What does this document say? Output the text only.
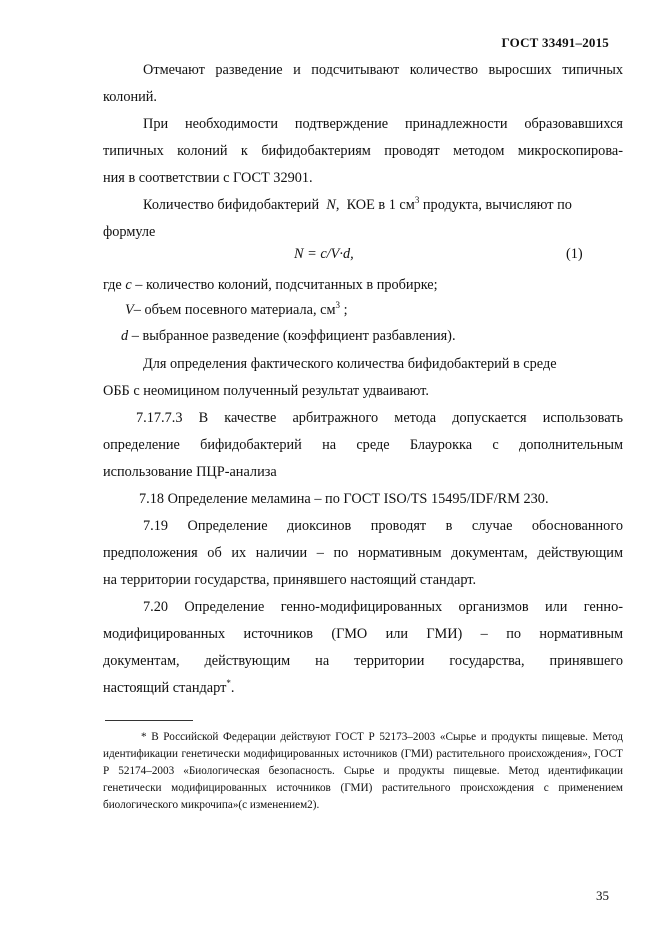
ГОСТ 33491–2015
Отмечают разведение и подсчитывают количество выросших типичных
колоний.
При необходимости подтверждение принадлежности образовавшихся
типичных колоний к бифидобактериям проводят методом микроскопирова-
ния в соответствии с ГОСТ 32901.
Количество бифидобактерий N, КОЕ в 1 $см^3$ продукта, вычисляют по
формуле
N = c/V·d,	(1)
где c – количество колоний, подсчитанных в пробирке;
V– объем посевного материала, $см^3$ ;
d – выбранное разведение (коэффициент разбавления).
Для определения фактического количества бифидобактерий в среде
ОББ с неомицином полученный результат удваивают.
7.17.7.3 В качестве арбитражного метода допускается использовать
определение бифидобактерий на среде Блаурокка с дополнительным
использование ПЦР-анализа
7.18 Определение меламина – по ГОСТ ISO/TS 15495/IDF/RM 230.
7.19 Определение диоксинов проводят в случае обоснованного
предположения об их наличии – по нормативным документам, действующим
на территории государства, принявшего настоящий стандарт.
7.20 Определение генно-модифицированных организмов или генно-
модифицированных источников (ГМО или ГМИ) – по нормативным
документам, действующим на территории государства, принявшего
настоящий стандарт*.

* В Российской Федерации действуют ГОСТ Р 52173–2003 «Сырье и продукты пищевые. Метод идентификации генетически модифицированных источников (ГМИ) растительного происхождения», ГОСТ Р 52174–2003 «Биологическая безопасность. Сырье и продукты пищевые. Метод идентификации генетически модифицированных источников (ГМИ) растительного происхождения с применением биологического микрочипа»(с изменением2).

35
